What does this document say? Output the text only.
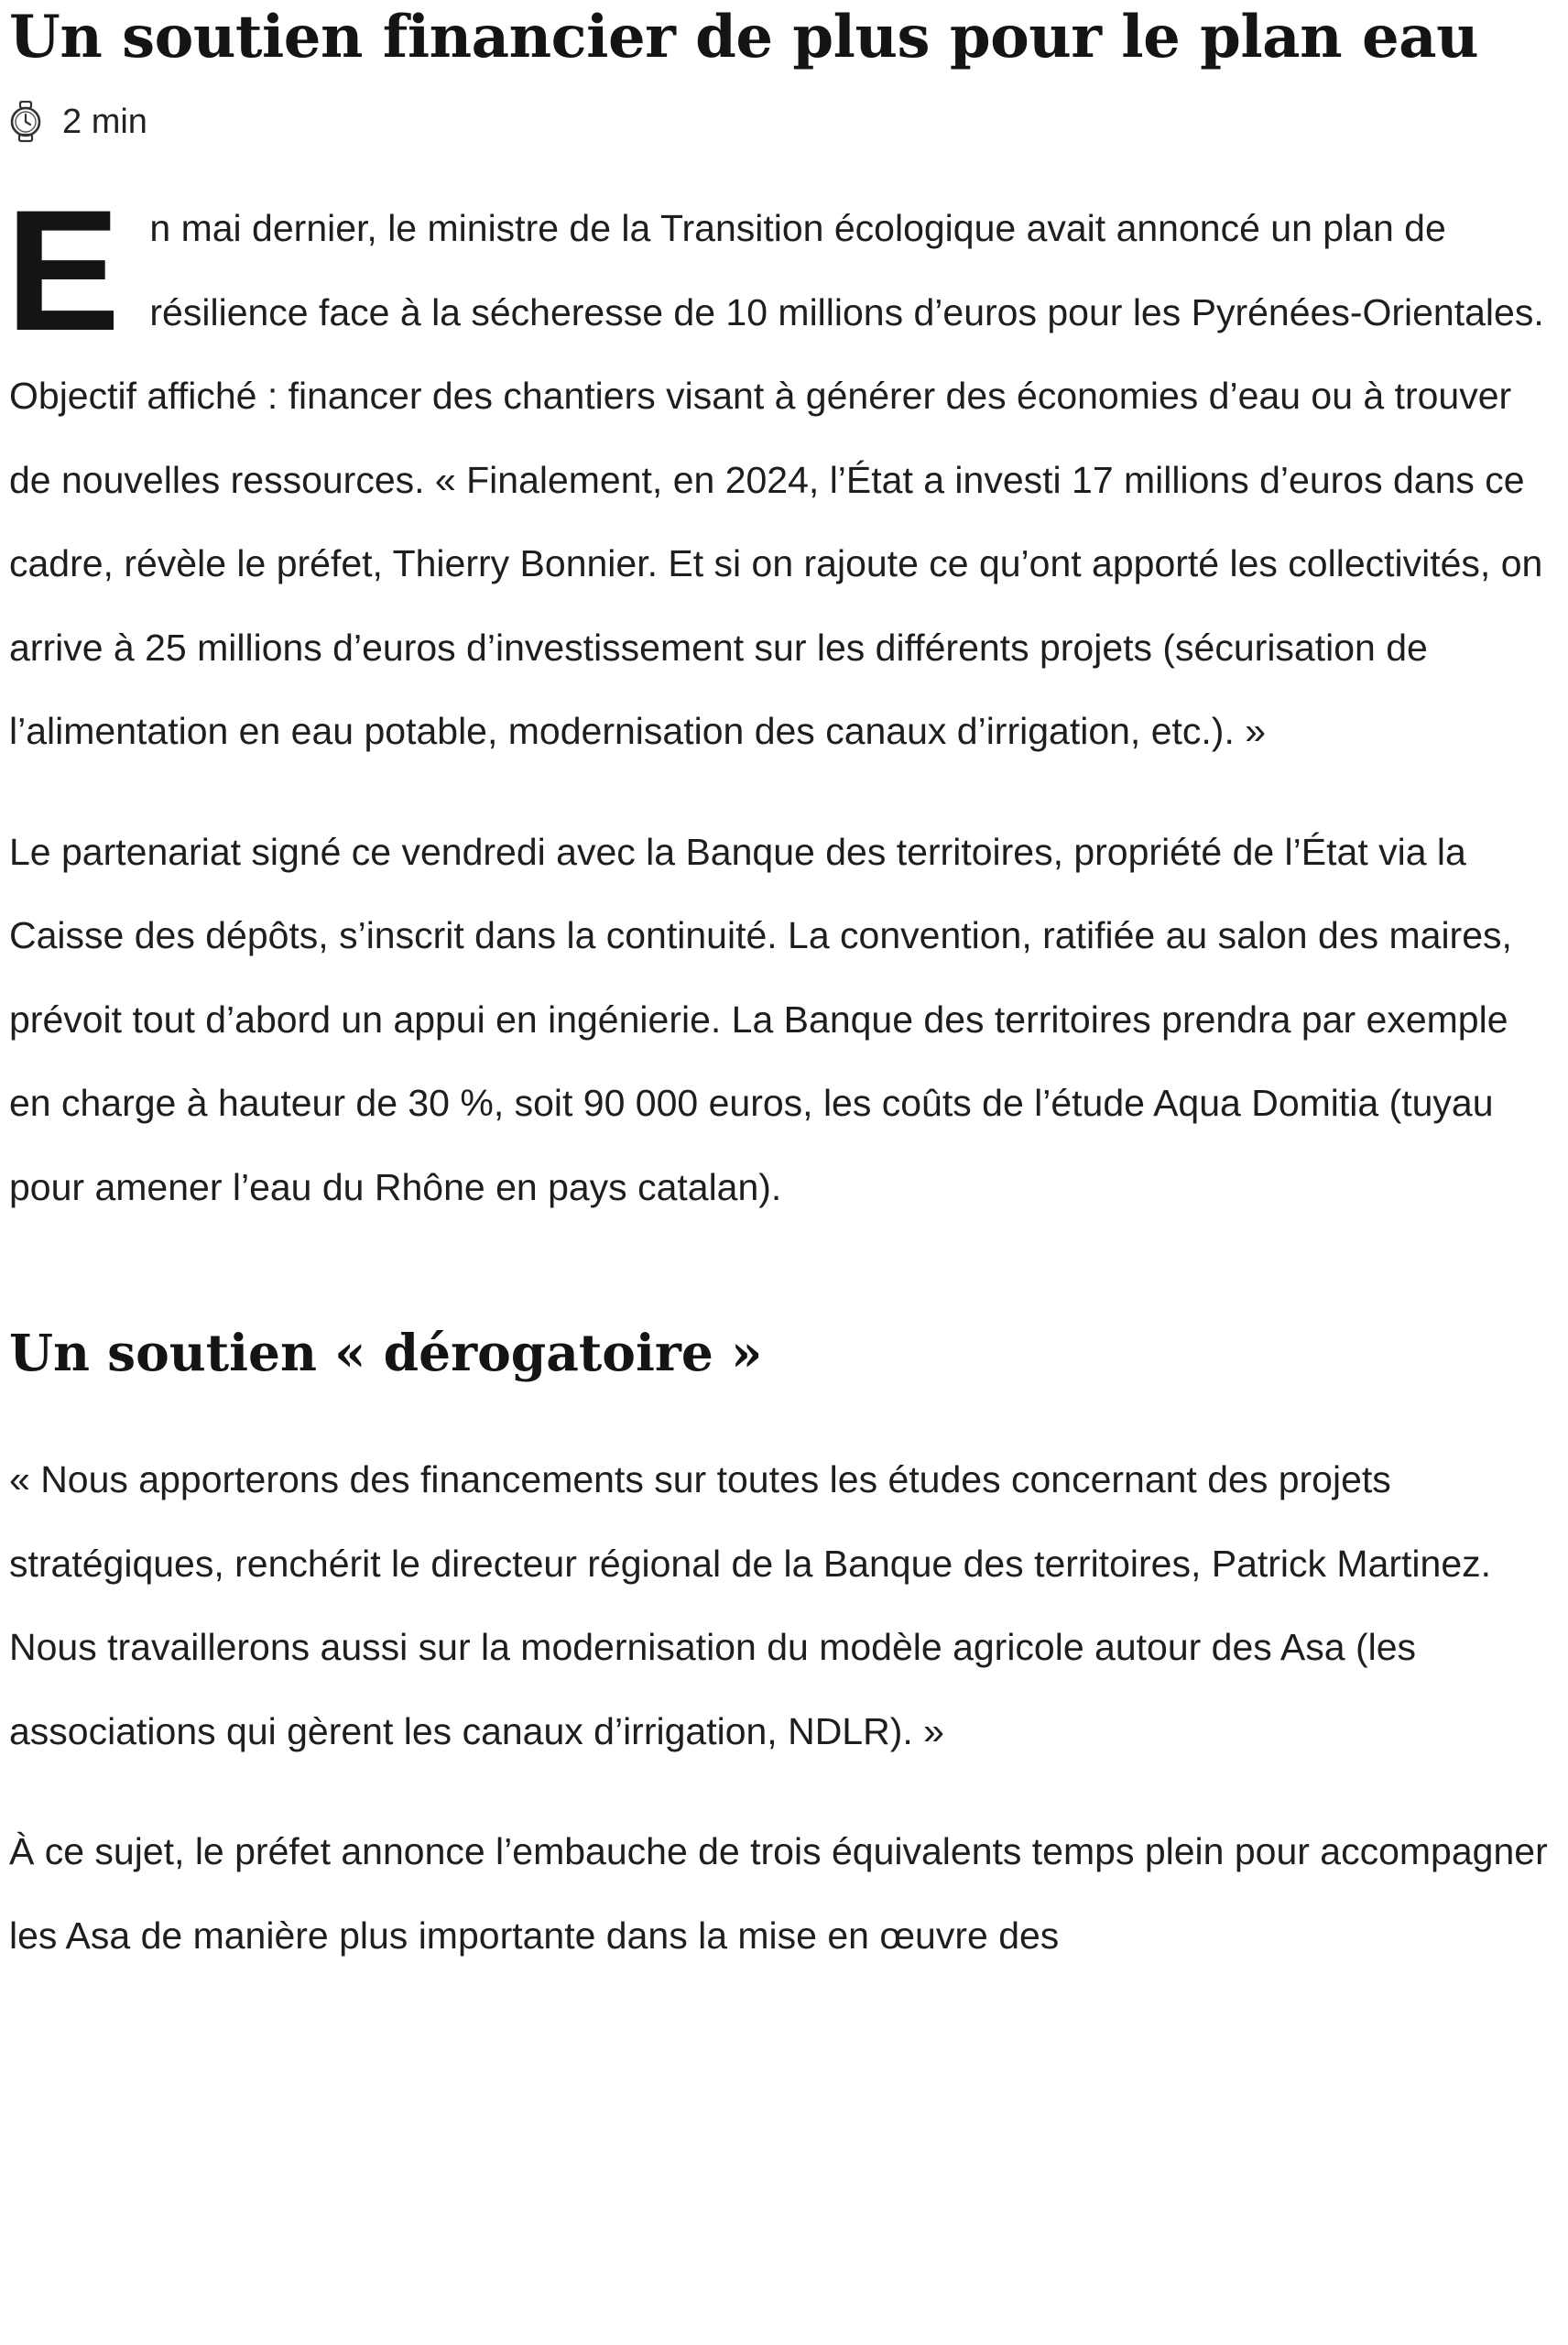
Un soutien financier de plus pour le plan eau
2 min

En mai dernier, le ministre de la Transition écologique avait annoncé un plan de résilience face à la sécheresse de 10 millions d’euros pour les Pyrénées-Orientales. Objectif affiché : financer des chantiers visant à générer des économies d’eau ou à trouver de nouvelles ressources. « Finalement, en 2024, l’État a investi 17 millions d’euros dans ce cadre, révèle le préfet, Thierry Bonnier. Et si on rajoute ce qu’ont apporté les collectivités, on arrive à 25 millions d’euros d’investissement sur les différents projets (sécurisation de l’alimentation en eau potable, modernisation des canaux d’irrigation, etc.). »

Le partenariat signé ce vendredi avec la Banque des territoires, propriété de l’État via la Caisse des dépôts, s’inscrit dans la continuité. La convention, ratifiée au salon des maires, prévoit tout d’abord un appui en ingénierie. La Banque des territoires prendra par exemple en charge à hauteur de 30 %, soit 90 000 euros, les coûts de l’étude Aqua Domitia (tuyau pour amener l’eau du Rhône en pays catalan).

Un soutien « dérogatoire »

« Nous apporterons des financements sur toutes les études concernant des projets stratégiques, renchérit le directeur régional de la Banque des territoires, Patrick Martinez. Nous travaillerons aussi sur la modernisation du modèle agricole autour des Asa (les associations qui gèrent les canaux d’irrigation, NDLR). »

À ce sujet, le préfet annonce l’embauche de trois équivalents temps plein pour accompagner les Asa de manière plus importante dans la mise en œuvre des
